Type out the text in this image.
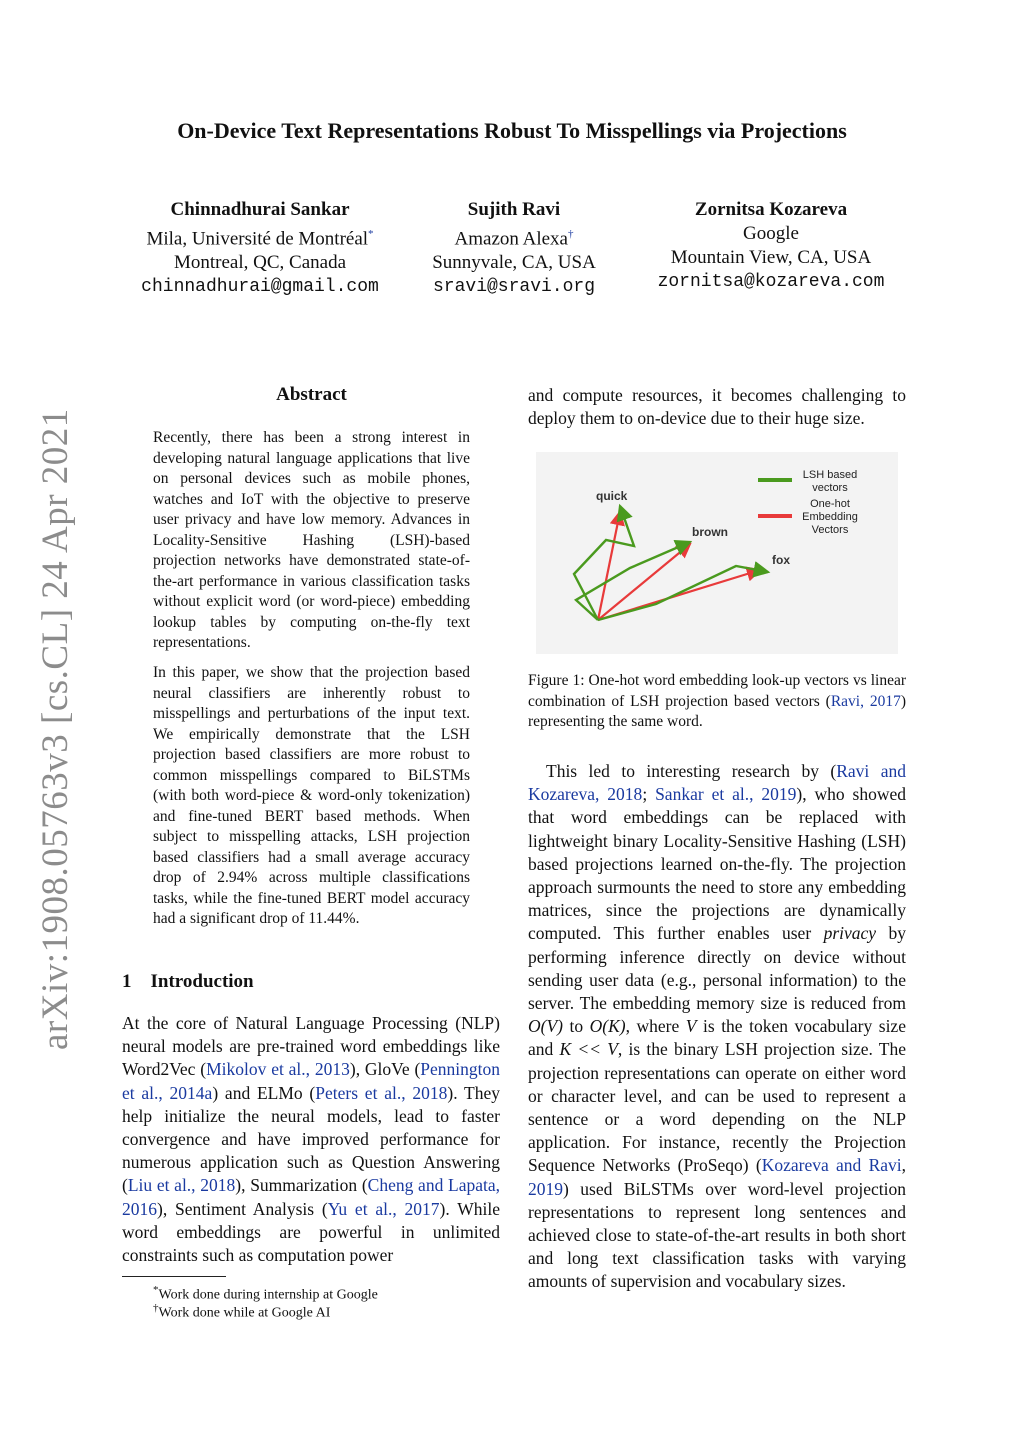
arXiv:1908.05763v3 [cs.CL] 24 Apr 2021
On-Device Text Representations Robust To Misspellings via Projections
Chinnadhurai Sankar
Mila, Université de Montréal*
Montreal, QC, Canada
chinnadhurai@gmail.com
Sujith Ravi
Amazon Alexa†
Sunnyvale, CA, USA
sravi@sravi.org
Zornitsa Kozareva
Google
Mountain View, CA, USA
zornitsa@kozareva.com
Abstract
Recently, there has been a strong interest in developing natural language applications that live on personal devices such as mobile phones, watches and IoT with the objective to preserve user privacy and have low memory. Advances in Locality-Sensitive Hashing (LSH)-based projection networks have demonstrated state-of-the-art performance in various classification tasks without explicit word (or word-piece) embedding lookup tables by computing on-the-fly text representations.
In this paper, we show that the projection based neural classifiers are inherently robust to misspellings and perturbations of the input text. We empirically demonstrate that the LSH projection based classifiers are more robust to common misspellings compared to BiLSTMs (with both word-piece & word-only tokenization) and fine-tuned BERT based methods. When subject to misspelling attacks, LSH projection based classifiers had a small average accuracy drop of 2.94% across multiple classifications tasks, while the fine-tuned BERT model accuracy had a significant drop of 11.44%.
1 Introduction
At the core of Natural Language Processing (NLP) neural models are pre-trained word embeddings like Word2Vec (Mikolov et al., 2013), GloVe (Pennington et al., 2014a) and ELMo (Peters et al., 2018). They help initialize the neural models, lead to faster convergence and have improved performance for numerous application such as Question Answering (Liu et al., 2018), Summarization (Cheng and Lapata, 2016), Sentiment Analysis (Yu et al., 2017). While word embeddings are powerful in unlimited constraints such as computation power
*Work done during internship at Google
†Work done while at Google AI
and compute resources, it becomes challenging to deploy them to on-device due to their huge size.
quick
brown
fox
LSH based
vectors
One-hot
Embedding
Vectors
Figure 1: One-hot word embedding look-up vectors vs linear combination of LSH projection based vectors (Ravi, 2017) representing the same word.
This led to interesting research by (Ravi and Kozareva, 2018; Sankar et al., 2019), who showed that word embeddings can be replaced with lightweight binary Locality-Sensitive Hashing (LSH) based projections learned on-the-fly. The projection approach surmounts the need to store any embedding matrices, since the projections are dynamically computed. This further enables user privacy by performing inference directly on device without sending user data (e.g., personal information) to the server. The embedding memory size is reduced from O(V) to O(K), where V is the token vocabulary size and K << V, is the binary LSH projection size. The projection representations can operate on either word or character level, and can be used to represent a sentence or a word depending on the NLP application. For instance, recently the Projection Sequence Networks (ProSeqo) (Kozareva and Ravi, 2019) used BiLSTMs over word-level projection representations to represent long sentences and achieved close to state-of-the-art results in both short and long text classification tasks with varying amounts of supervision and vocabulary sizes.
